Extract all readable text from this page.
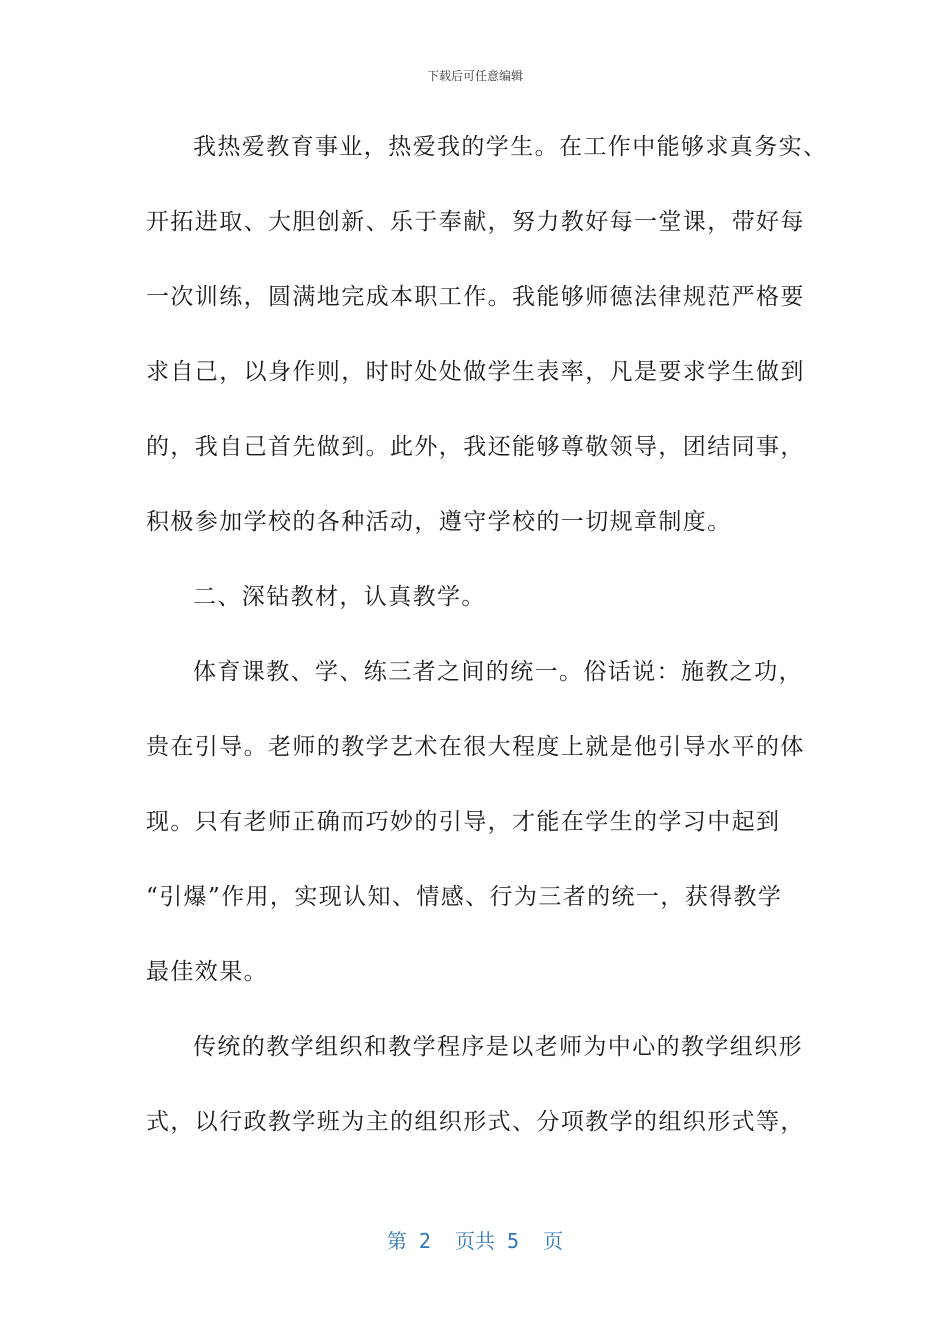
下载后可任意编辑
我热爱教育事业，热爱我的学生。在工作中能够求真务实、
开拓进取、大胆创新、乐于奉献，努力教好每一堂课，带好每
一次训练，圆满地完成本职工作。我能够师德法律规范严格要
求自己，以身作则，时时处处做学生表率，凡是要求学生做到
的，我自己首先做到。此外，我还能够尊敬领导，团结同事，
积极参加学校的各种活动，遵守学校的一切规章制度。
二、深钻教材，认真教学。
体育课教、学、练三者之间的统一。俗话说：施教之功，
贵在引导。老师的教学艺术在很大程度上就是他引导水平的体
现。只有老师正确而巧妙的引导，才能在学生的学习中起到
“引爆”作用，实现认知、情感、行为三者的统一，获得教学
最佳效果。
传统的教学组织和教学程序是以老师为中心的教学组织形
式，以行政教学班为主的组织形式、分项教学的组织形式等，
第 2  页共 5  页
